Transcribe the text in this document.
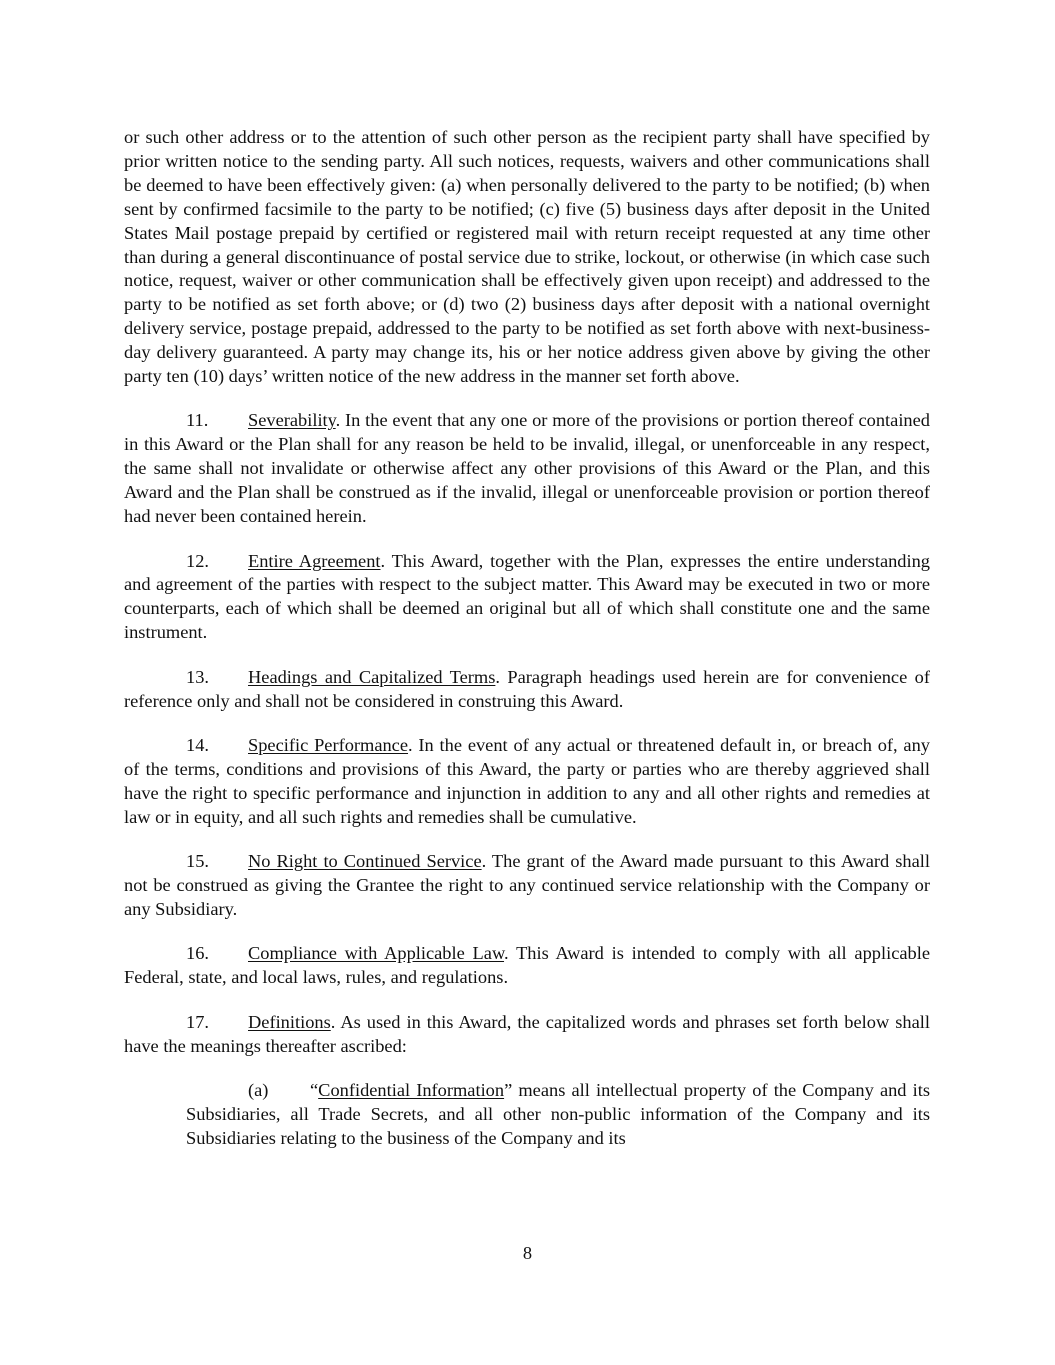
or such other address or to the attention of such other person as the recipient party shall have specified by prior written notice to the sending party. All such notices, requests, waivers and other communications shall be deemed to have been effectively given: (a) when personally delivered to the party to be notified; (b) when sent by confirmed facsimile to the party to be notified; (c) five (5) business days after deposit in the United States Mail postage prepaid by certified or registered mail with return receipt requested at any time other than during a general discontinuance of postal service due to strike, lockout, or otherwise (in which case such notice, request, waiver or other communication shall be effectively given upon receipt) and addressed to the party to be notified as set forth above; or (d) two (2) business days after deposit with a national overnight delivery service, postage prepaid, addressed to the party to be notified as set forth above with next-business-day delivery guaranteed. A party may change its, his or her notice address given above by giving the other party ten (10) days’ written notice of the new address in the manner set forth above.

11. Severability. In the event that any one or more of the provisions or portion thereof contained in this Award or the Plan shall for any reason be held to be invalid, illegal, or unenforceable in any respect, the same shall not invalidate or otherwise affect any other provisions of this Award or the Plan, and this Award and the Plan shall be construed as if the invalid, illegal or unenforceable provision or portion thereof had never been contained herein.

12. Entire Agreement. This Award, together with the Plan, expresses the entire understanding and agreement of the parties with respect to the subject matter. This Award may be executed in two or more counterparts, each of which shall be deemed an original but all of which shall constitute one and the same instrument.

13. Headings and Capitalized Terms. Paragraph headings used herein are for convenience of reference only and shall not be considered in construing this Award.

14. Specific Performance. In the event of any actual or threatened default in, or breach of, any of the terms, conditions and provisions of this Award, the party or parties who are thereby aggrieved shall have the right to specific performance and injunction in addition to any and all other rights and remedies at law or in equity, and all such rights and remedies shall be cumulative.

15. No Right to Continued Service. The grant of the Award made pursuant to this Award shall not be construed as giving the Grantee the right to any continued service relationship with the Company or any Subsidiary.

16. Compliance with Applicable Law. This Award is intended to comply with all applicable Federal, state, and local laws, rules, and regulations.

17. Definitions. As used in this Award, the capitalized words and phrases set forth below shall have the meanings thereafter ascribed:

(a) “Confidential Information” means all intellectual property of the Company and its Subsidiaries, all Trade Secrets, and all other non-public information of the Company and its Subsidiaries relating to the business of the Company and its

8
